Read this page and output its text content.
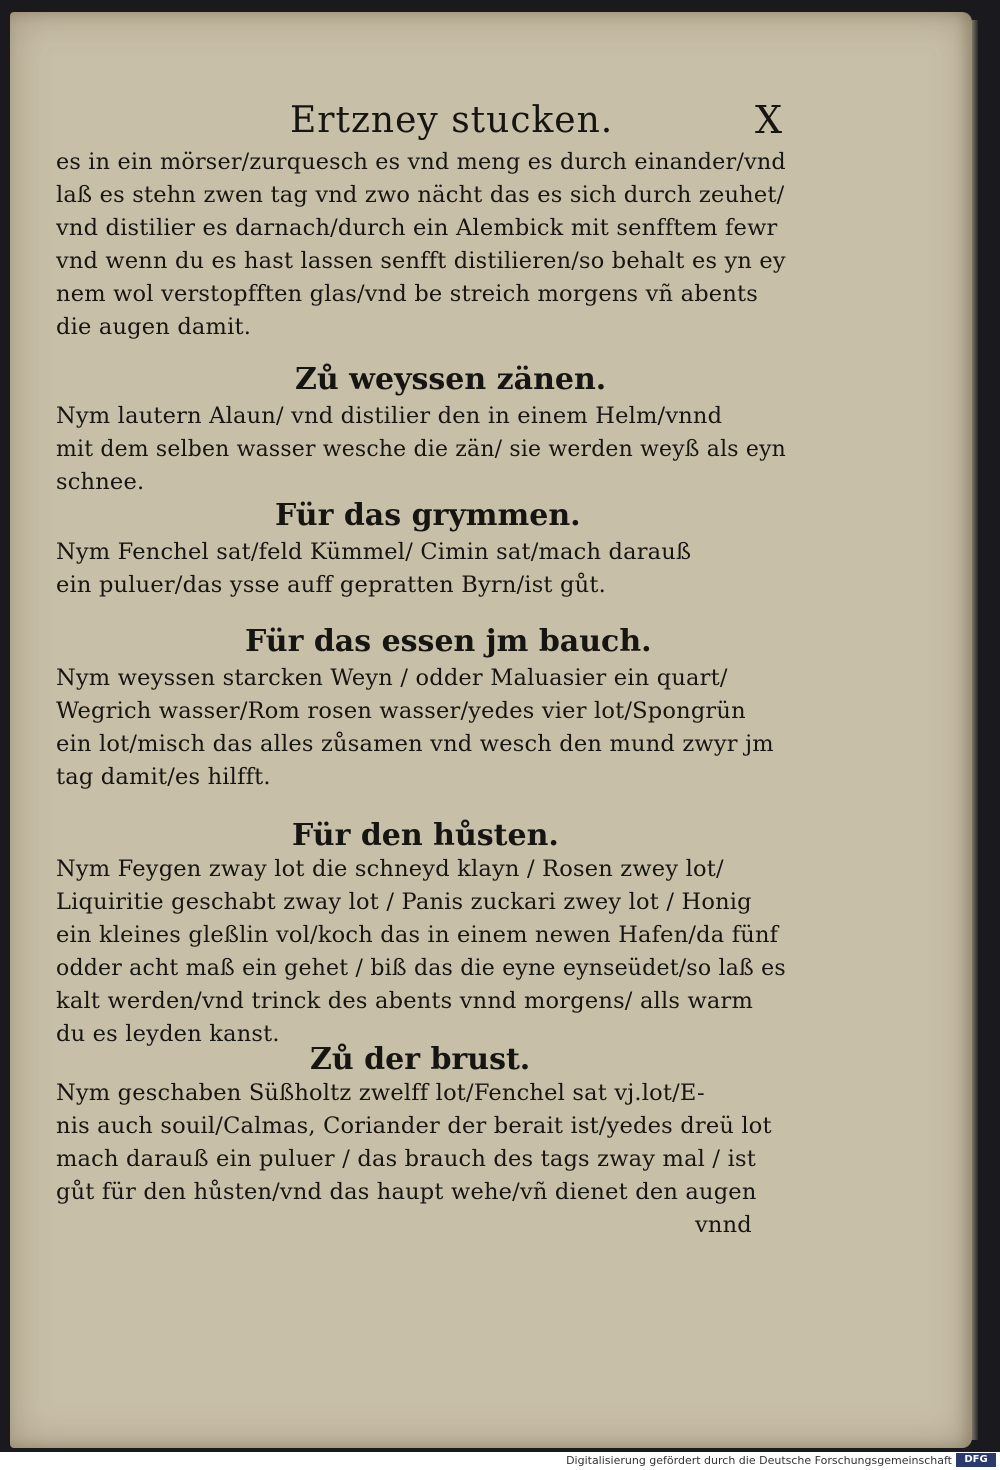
Ertzney stucken.	X
es in ein mörser/zurquesch es vnd meng es durch einander/vnd
laß es stehn zwen tag vnd zwo nächt das es sich durch zeuhet/
vnd distilier es darnach/durch ein Alembick mit senfftem fewr
vnd wenn du es hast lassen senfft distilieren/so behalt es yn ey
nem wol verstopfften glas/vnd be streich morgens vñ abents
die augen damit.
Zů weyssen zänen.
Nym lautern Alaun/ vnd distilier den in einem Helm/vnnd
mit dem selben wasser wesche die zän/ sie werden weyß als eyn
schnee.
Für das grymmen.
Nym Fenchel sat/feld Kümmel/ Cimin sat/mach darauß
ein puluer/das ysse auff gepratten Byrn/ist gůt.
Für das essen jm bauch.
Nym weyssen starcken Weyn / odder Maluasier ein quart/
Wegrich wasser/Rom rosen wasser/yedes vier lot/Spongrün
ein lot/misch das alles zůsamen vnd wesch den mund zwyr jm
tag damit/es hilfft.
Für den hůsten.
Nym Feygen zway lot die schneyd klayn / Rosen zwey lot/
Liquiritie geschabt zway lot / Panis zuckari zwey lot / Honig
ein kleines gleßlin vol/koch das in einem newen Hafen/da fünf
odder acht maß ein gehet / biß das die eyne eynseüdet/so laß es
kalt werden/vnd trinck des abents vnnd morgens/ alls warm
du es leyden kanst.
Zů der brust.
Nym geschaben Süßholtz zwelff lot/Fenchel sat vj.lot/E-
nis auch souil/Calmas, Coriander der berait ist/yedes dreü lot
mach darauß ein puluer / das brauch des tags zway mal / ist
gůt für den hůsten/vnd das haupt wehe/vñ dienet den augen
vnnd
Digitalisierung gefördert durch die Deutsche Forschungsgemeinschaft	DFG
